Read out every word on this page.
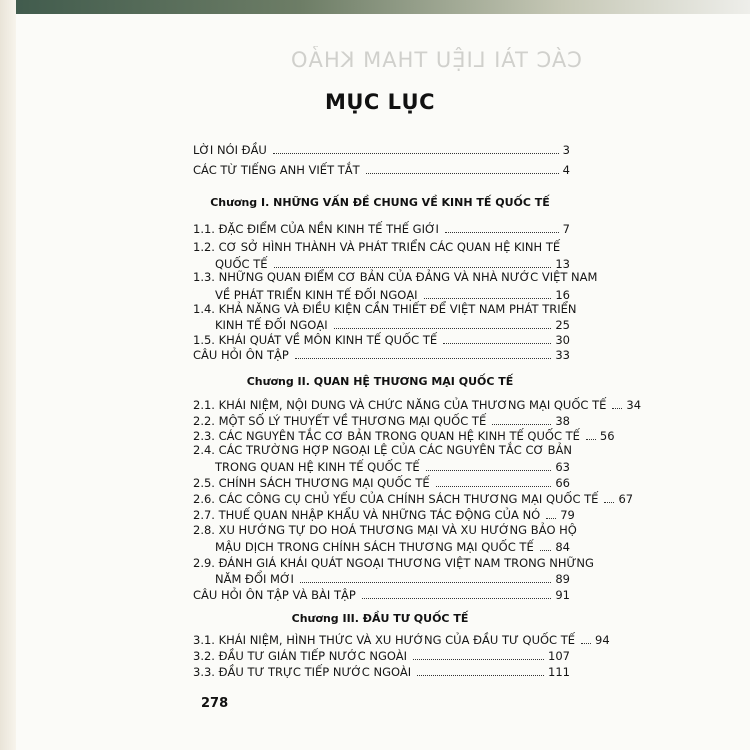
CÁC TÀI LIỆU THAM KHẢO
MỤC LỤC
LỜI NÓI ĐẦU	3
CÁC TỪ TIẾNG ANH VIẾT TẮT	4
Chương I. NHỮNG VẤN ĐỀ CHUNG VỀ KINH TẾ QUỐC TẾ
1.1. ĐẶC ĐIỂM CỦA NỀN KINH TẾ THẾ GIỚI	7
1.2. CƠ SỞ HÌNH THÀNH VÀ PHÁT TRIỂN CÁC QUAN HỆ KINH TẾ
QUỐC TẾ	13
1.3. NHỮNG QUAN ĐIỂM CƠ BẢN CỦA ĐẢNG VÀ NHÀ NƯỚC VIỆT NAM
VỀ PHÁT TRIỂN KINH TẾ ĐỐI NGOẠI	16
1.4. KHẢ NĂNG VÀ ĐIỀU KIỆN CẦN THIẾT ĐỂ VIỆT NAM PHÁT TRIỂN
KINH TẾ ĐỐI NGOẠI	25
1.5. KHÁI QUÁT VỀ MÔN KINH TẾ QUỐC TẾ	30
CÂU HỎI ÔN TẬP	33
Chương II. QUAN HỆ THƯƠNG MẠI QUỐC TẾ
2.1. KHÁI NIỆM, NỘI DUNG VÀ CHỨC NĂNG CỦA THƯƠNG MẠI QUỐC TẾ 34
2.2. MỘT SỐ LÝ THUYẾT VỀ THƯƠNG MẠI QUỐC TẾ	38
2.3. CÁC NGUYÊN TẮC CƠ BẢN TRONG QUAN HỆ KINH TẾ QUỐC TẾ 56
2.4. CÁC TRƯỜNG HỢP NGOẠI LỆ CỦA CÁC NGUYÊN TẮC CƠ BẢN
TRONG QUAN HỆ KINH TẾ QUỐC TẾ	63
2.5. CHÍNH SÁCH THƯƠNG MẠI QUỐC TẾ	66
2.6. CÁC CÔNG CỤ CHỦ YẾU CỦA CHÍNH SÁCH THƯƠNG MẠI QUỐC TẾ 67
2.7. THUẾ QUAN NHẬP KHẨU VÀ NHỮNG TÁC ĐỘNG CỦA NÓ 79
2.8. XU HƯỚNG TỰ DO HOÁ THƯƠNG MẠI VÀ XU HƯỚNG BẢO HỘ
MẬU DỊCH TRONG CHÍNH SÁCH THƯƠNG MẠI QUỐC TẾ 84
2.9. ĐÁNH GIÁ KHÁI QUÁT NGOẠI THƯƠNG VIỆT NAM TRONG NHỮNG
NĂM ĐỔI MỚI	89
CÂU HỎI ÔN TẬP VÀ BÀI TẬP	91
Chương III. ĐẦU TƯ QUỐC TẾ
3.1. KHÁI NIỆM, HÌNH THỨC VÀ XU HƯỚNG CỦA ĐẦU TƯ QUỐC TẾ 94
3.2. ĐẦU TƯ GIÁN TIẾP NƯỚC NGOÀI	107
3.3. ĐẦU TƯ TRỰC TIẾP NƯỚC NGOÀI	111
278
